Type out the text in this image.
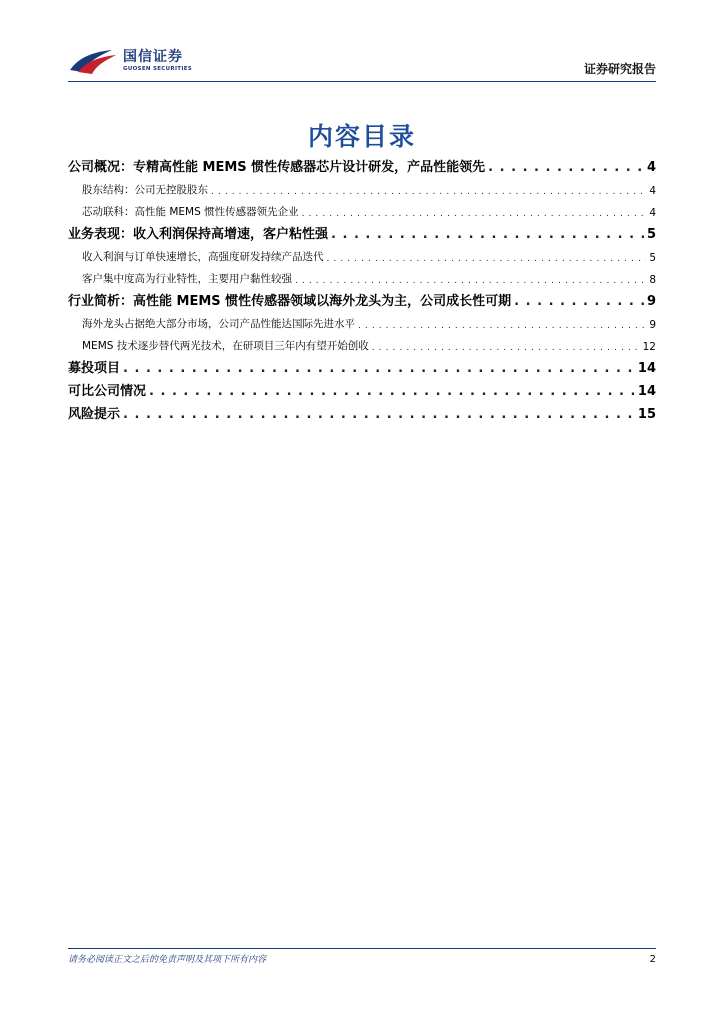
国信证券
GUOSEN SECURITIES	证券研究报告
内容目录
公司概况：专精高性能 MEMS 惯性传感器芯片设计研发，产品性能领先 . . .	4
股东结构：公司无控股股东 . . .	4
芯动联科：高性能 MEMS 惯性传感器领先企业 . . .	4
业务表现：收入利润保持高增速，客户粘性强 . . .	5
收入利润与订单快速增长，高强度研发持续产品迭代 . . .	5
客户集中度高为行业特性，主要用户黏性较强 . . .	8
行业简析：高性能 MEMS 惯性传感器领域以海外龙头为主，公司成长性可期 . . .	9
海外龙头占据绝大部分市场，公司产品性能达国际先进水平 . . .	9
MEMS 技术逐步替代两光技术，在研项目三年内有望开始创收 . . .	12
募投项目 . . .	14
可比公司情况 . . .	14
风险提示 . . .	15
请务必阅读正文之后的免责声明及其项下所有内容	2
